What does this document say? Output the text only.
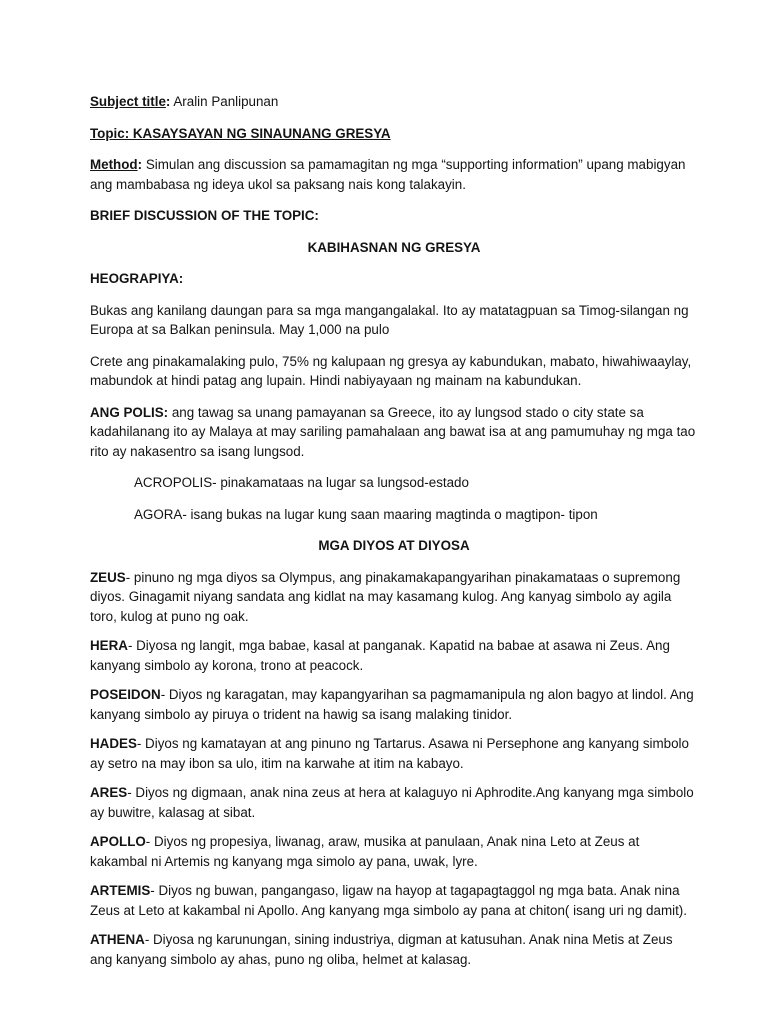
Subject title: Aralin Panlipunan

Topic: KASAYSAYAN NG SINAUNANG GRESYA

Method: Simulan ang discussion sa pamamagitan ng mga “supporting information” upang mabigyan ang mambabasa ng ideya ukol sa paksang nais kong talakayin.

BRIEF DISCUSSION OF THE TOPIC:

KABIHASNAN NG GRESYA

HEOGRAPIYA:

Bukas ang kanilang daungan para sa mga mangangalakal. Ito ay matatagpuan sa Timog-silangan ng Europa at sa Balkan peninsula. May 1,000 na pulo

Crete ang pinakamalaking pulo, 75% ng kalupaan ng gresya ay kabundukan, mabato, hiwahiwaaylay, mabundok at hindi patag ang lupain. Hindi nabiyayaan ng mainam na kabundukan.

ANG POLIS: ang tawag sa unang pamayanan sa Greece, ito ay lungsod stado o city state sa kadahilanang ito ay Malaya at may sariling pamahalaan ang bawat isa at ang pamumuhay ng mga tao rito ay nakasentro sa isang lungsod.

ACROPOLIS- pinakamataas na lugar sa lungsod-estado

AGORA- isang bukas na lugar kung saan maaring magtinda o magtipon- tipon

MGA DIYOS AT DIYOSA

ZEUS- pinuno ng mga diyos sa Olympus, ang pinakamakapangyarihan pinakamataas o supremong diyos. Ginagamit niyang sandata ang kidlat na may kasamang kulog. Ang kanyag simbolo ay agila toro, kulog at puno ng oak.

HERA- Diyosa ng langit, mga babae, kasal at panganak. Kapatid na babae at asawa ni Zeus. Ang kanyang simbolo ay korona, trono at peacock.

POSEIDON- Diyos ng karagatan, may kapangyarihan sa pagmamanipula ng alon bagyo at lindol. Ang kanyang simbolo ay piruya o trident na hawig sa isang malaking tinidor.

HADES- Diyos ng kamatayan at ang pinuno ng Tartarus. Asawa ni Persephone ang kanyang simbolo ay setro na may ibon sa ulo, itim na karwahe at itim na kabayo.

ARES- Diyos ng digmaan, anak nina zeus at hera at kalaguyo ni Aphrodite.Ang kanyang mga simbolo ay buwitre, kalasag at sibat.

APOLLO- Diyos ng propesiya, liwanag, araw, musika at panulaan, Anak nina Leto at Zeus at kakambal ni Artemis ng kanyang mga simolo ay pana, uwak, lyre.

ARTEMIS- Diyos ng buwan, pangangaso, ligaw na hayop at tagapagtaggol ng mga bata. Anak nina Zeus at Leto at kakambal ni Apollo. Ang kanyang mga simbolo ay pana at chiton( isang uri ng damit).

ATHENA- Diyosa ng karunungan, sining industriya, digman at katusuhan. Anak nina Metis at Zeus ang kanyang simbolo ay ahas, puno ng oliba, helmet at kalasag.
